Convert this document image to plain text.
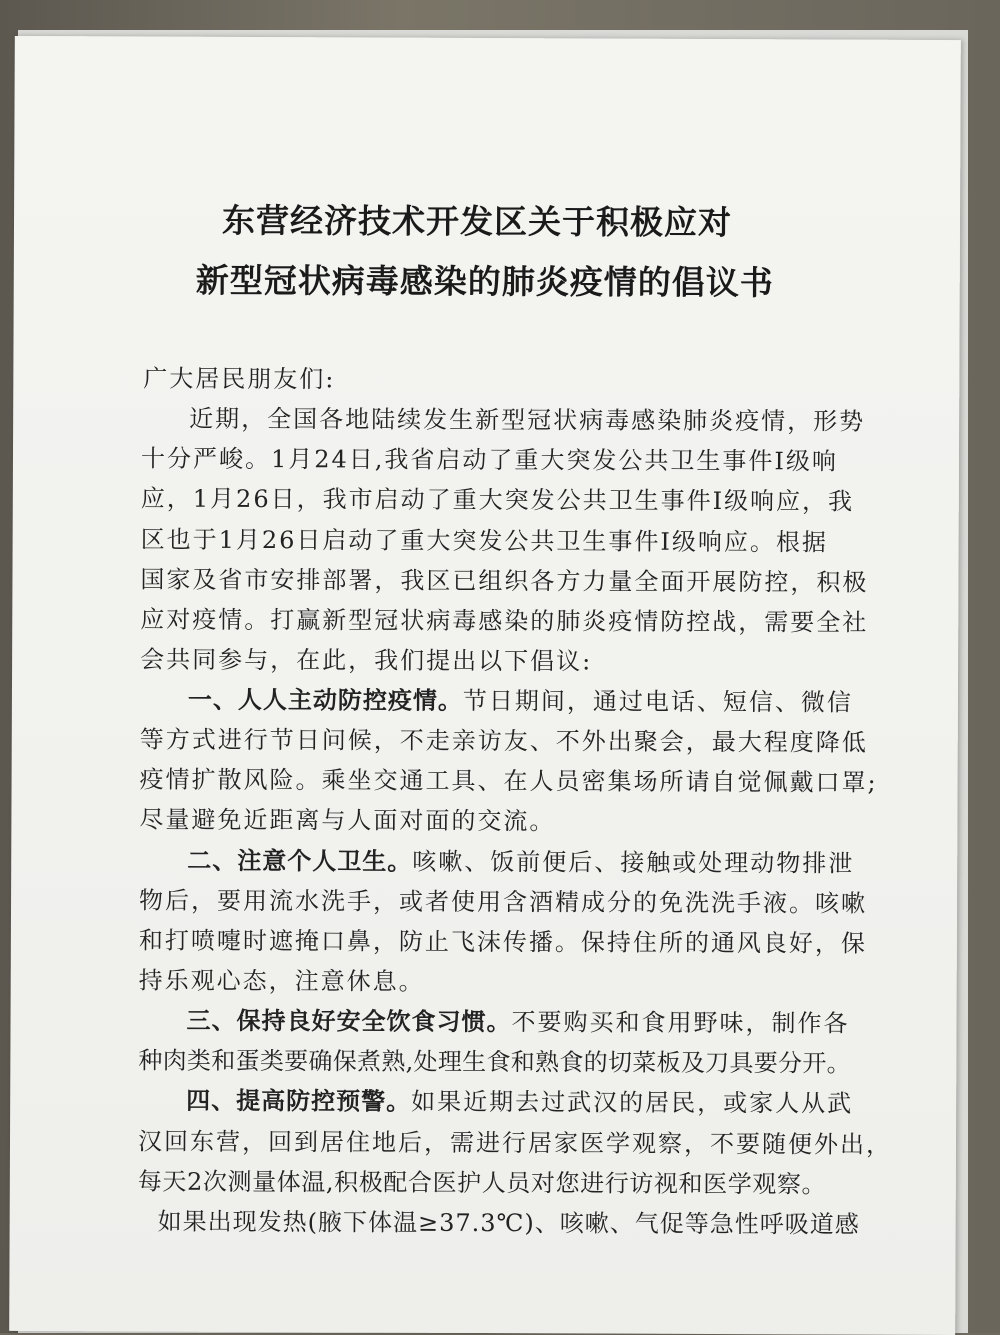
东营经济技术开发区关于积极应对
新型冠状病毒感染的肺炎疫情的倡议书
广大居民朋友们:
近期，全国各地陆续发生新型冠状病毒感染肺炎疫情，形势
十分严峻。1月24日,我省启动了重大突发公共卫生事件Ⅰ级响
应，1月26日，我市启动了重大突发公共卫生事件Ⅰ级响应，我
区也于1月26日启动了重大突发公共卫生事件Ⅰ级响应。根据
国家及省市安排部署，我区已组织各方力量全面开展防控，积极
应对疫情。打赢新型冠状病毒感染的肺炎疫情防控战，需要全社
会共同参与，在此，我们提出以下倡议:
一、人人主动防控疫情。节日期间，通过电话、短信、微信
等方式进行节日问候，不走亲访友、不外出聚会，最大程度降低
疫情扩散风险。乘坐交通工具、在人员密集场所请自觉佩戴口罩;
尽量避免近距离与人面对面的交流。
二、注意个人卫生。咳嗽、饭前便后、接触或处理动物排泄
物后，要用流水洗手，或者使用含酒精成分的免洗洗手液。咳嗽
和打喷嚏时遮掩口鼻，防止飞沫传播。保持住所的通风良好，保
持乐观心态，注意休息。
三、保持良好安全饮食习惯。不要购买和食用野味，制作各
种肉类和蛋类要确保煮熟,处理生食和熟食的切菜板及刀具要分开。
四、提高防控预警。如果近期去过武汉的居民，或家人从武
汉回东营，回到居住地后，需进行居家医学观察，不要随便外出，
每天2次测量体温,积极配合医护人员对您进行访视和医学观察。
如果出现发热(腋下体温≥37.3℃)、咳嗽、气促等急性呼吸道感
